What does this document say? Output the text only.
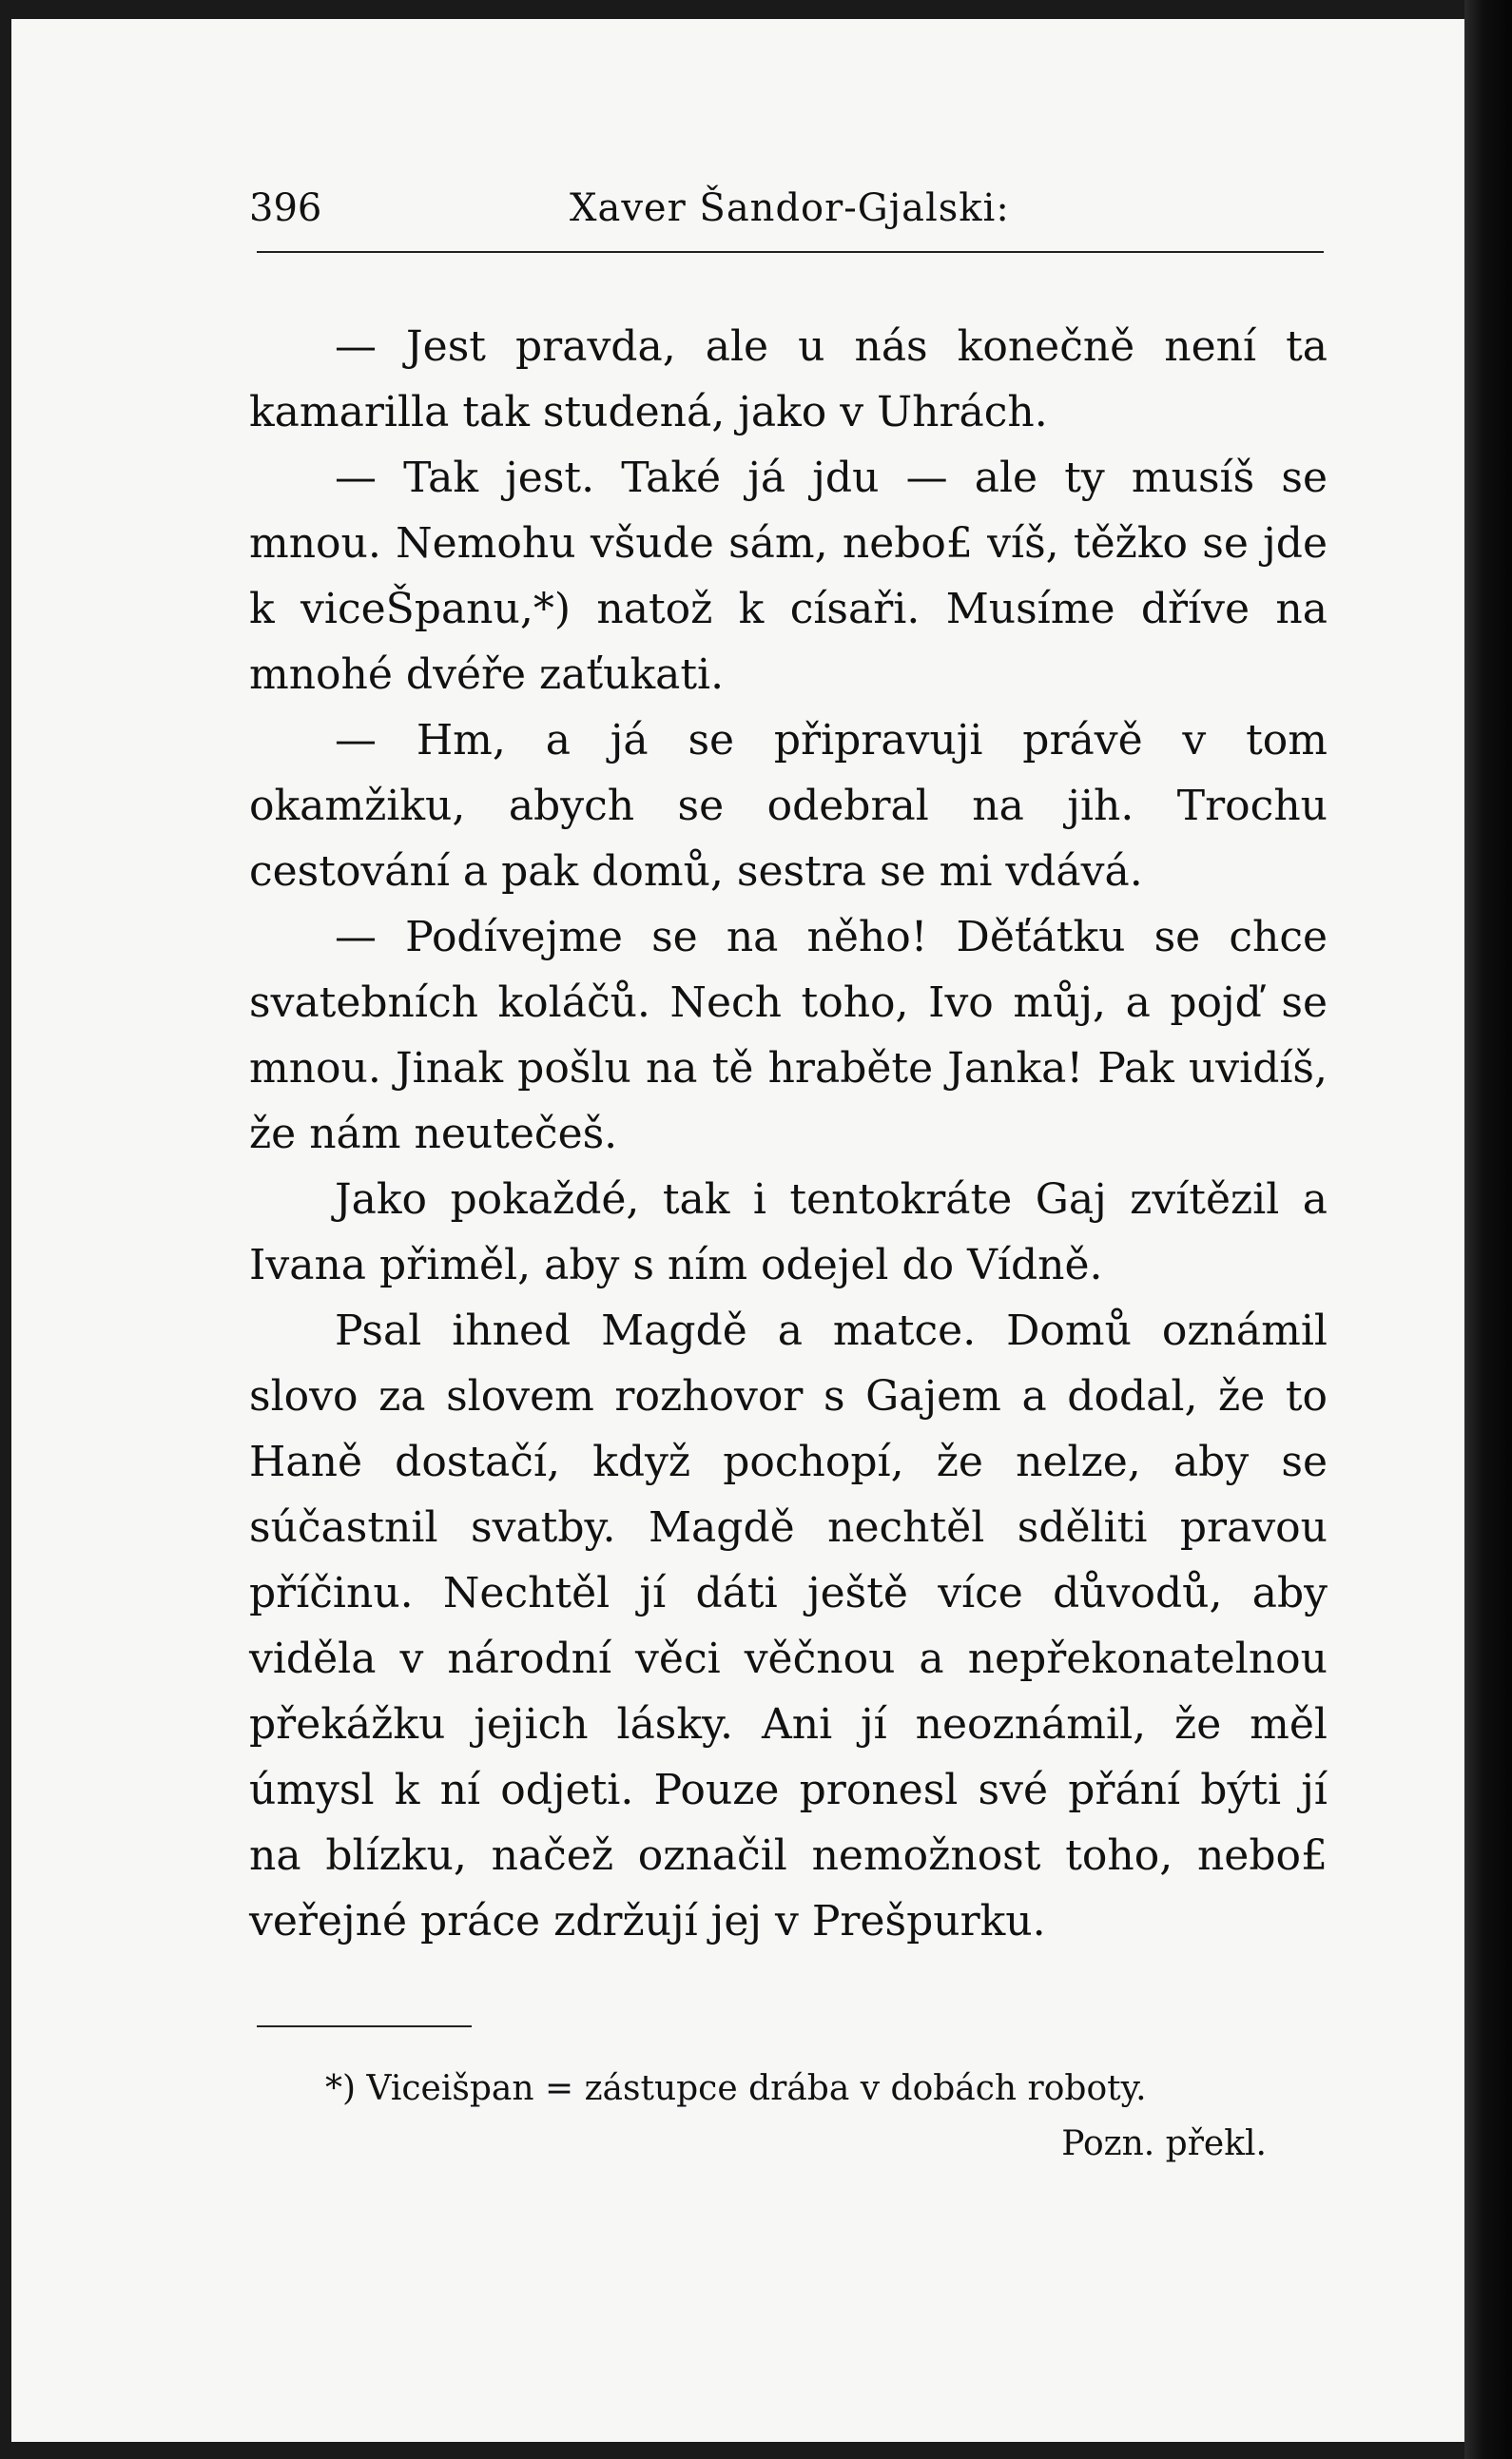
396	Xaver Šandor-Gjalski:

— Jest pravda, ale u nás konečně není ta kamarilla tak studená, jako v Uhrách.

— Tak jest. Také já jdu — ale ty musíš se mnou. Nemohu všude sám, nebo£ víš, těžko se jde k viceŠpanu,*) natož k císaři. Musíme dříve na mnohé dvéře zaťukati.

— Hm, a já se připravuji právě v tom okamžiku, abych se odebral na jih. Trochu cestování a pak domů, sestra se mi vdává.

— Podívejme se na něho! Děťátku se chce svatebních koláčů. Nech toho, Ivo můj, a pojď se mnou. Jinak pošlu na tě hraběte Janka! Pak uvidíš, že nám neutečeš.

Jako pokaždé, tak i tentokráte Gaj zvítězil a Ivana přiměl, aby s ním odejel do Vídně.

Psal ihned Magdě a matce. Domů oznámil slovo za slovem rozhovor s Gajem a dodal, že to Haně dostačí, když pochopí, že nelze, aby se súčastnil svatby. Magdě nechtěl sděliti pravou příčinu. Nechtěl jí dáti ještě více důvodů, aby viděla v národní věci věčnou a nepřekonatelnou překážku jejich lásky. Ani jí neoznámil, že měl úmysl k ní odjeti. Pouze pronesl své přání býti jí na blízku, načež označil nemožnost toho, nebo£ veřejné práce zdržují jej v Prešpurku.

*) Viceišpan = zástupce drába v dobách roboty.
Pozn. překl.
